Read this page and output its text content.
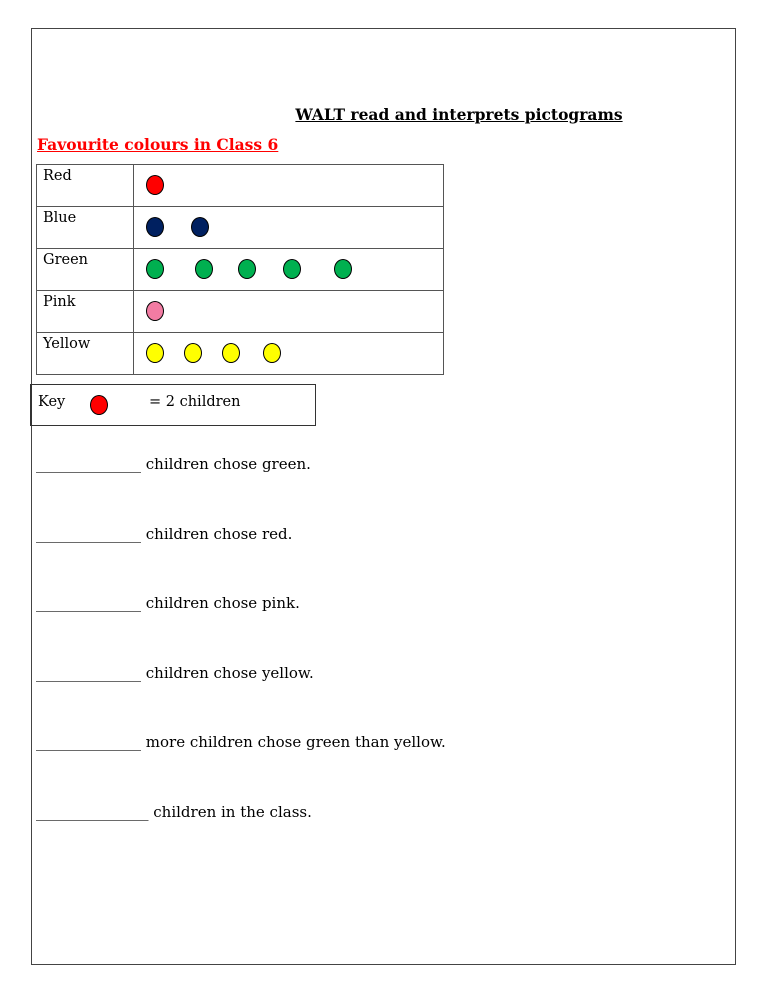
WALT read and interprets pictograms
Favourite colours in Class 6
Red	

Blue	

Green	

Pink	

Yellow	
Key	= 2 children
______________ children chose green.
______________ children chose red.
______________ children chose pink.
______________ children chose yellow.
______________ more children chose green than yellow.
_______________ children in the class.
